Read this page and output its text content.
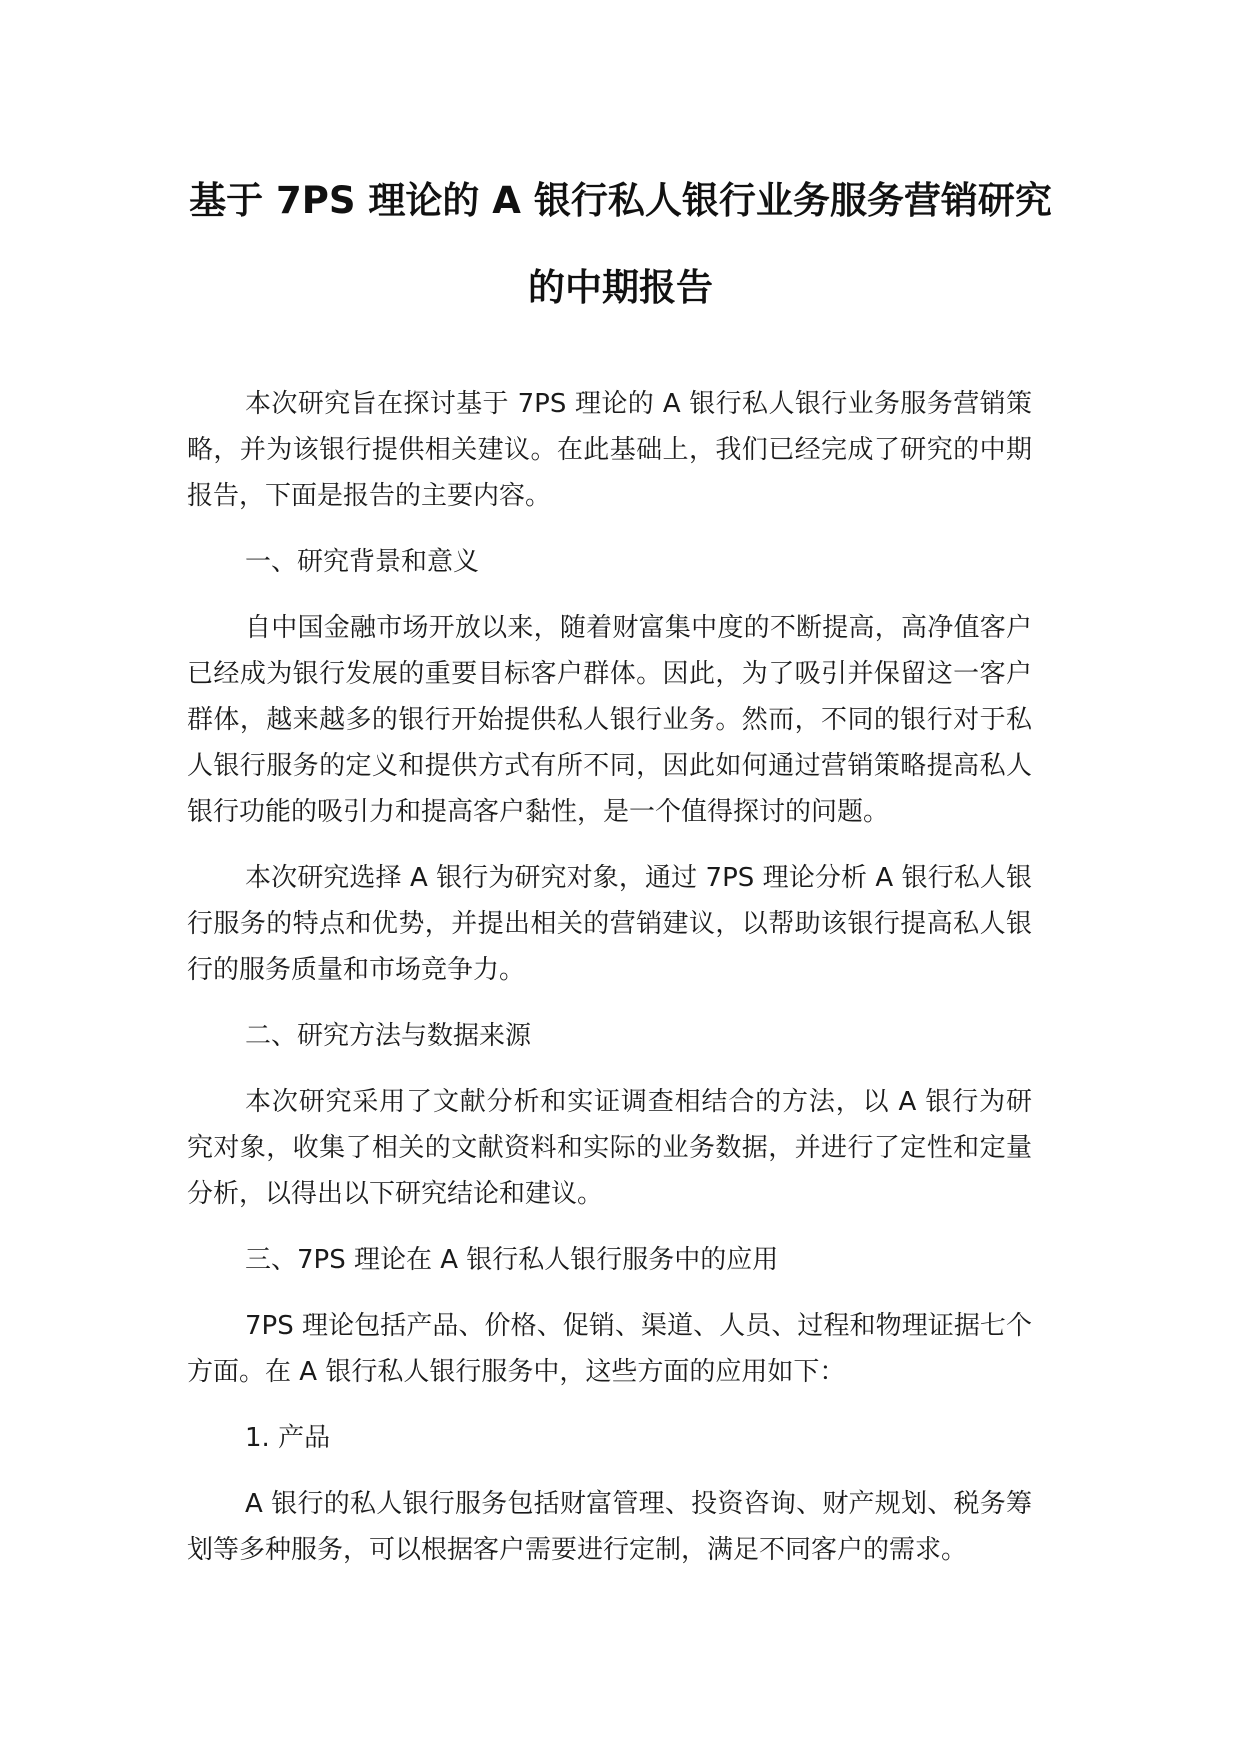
基于 7PS 理论的 A 银行私人银行业务服务营销研究
的中期报告

本次研究旨在探讨基于 7PS 理论的 A 银行私人银行业务服务营销策略，并为该银行提供相关建议。在此基础上，我们已经完成了研究的中期报告，下面是报告的主要内容。

一、研究背景和意义

自中国金融市场开放以来，随着财富集中度的不断提高，高净值客户已经成为银行发展的重要目标客户群体。因此，为了吸引并保留这一客户群体，越来越多的银行开始提供私人银行业务。然而，不同的银行对于私人银行服务的定义和提供方式有所不同，因此如何通过营销策略提高私人银行功能的吸引力和提高客户黏性，是一个值得探讨的问题。

本次研究选择 A 银行为研究对象，通过 7PS 理论分析 A 银行私人银行服务的特点和优势，并提出相关的营销建议，以帮助该银行提高私人银行的服务质量和市场竞争力。

二、研究方法与数据来源

本次研究采用了文献分析和实证调查相结合的方法，以 A 银行为研究对象，收集了相关的文献资料和实际的业务数据，并进行了定性和定量分析，以得出以下研究结论和建议。

三、7PS 理论在 A 银行私人银行服务中的应用

7PS 理论包括产品、价格、促销、渠道、人员、过程和物理证据七个方面。在 A 银行私人银行服务中，这些方面的应用如下：

1. 产品

A 银行的私人银行服务包括财富管理、投资咨询、财产规划、税务筹划等多种服务，可以根据客户需要进行定制，满足不同客户的需求。
